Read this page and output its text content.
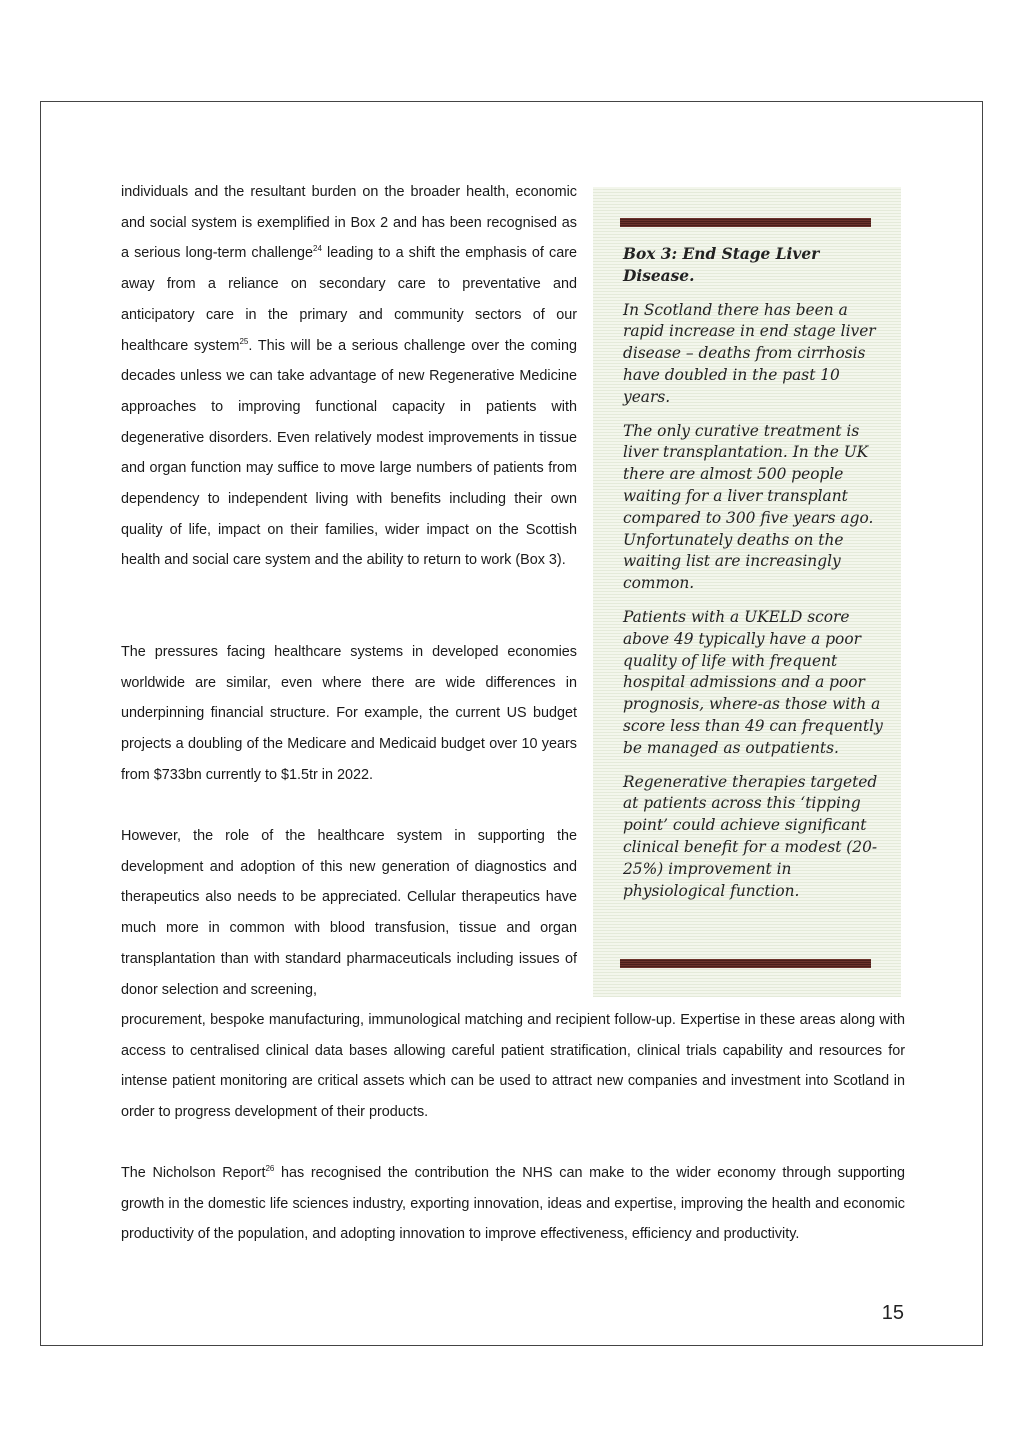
individuals and the resultant burden on the broader health, economic and social system is exemplified in Box 2 and has been recognised as a serious long-term challenge$^{24}$ leading to a shift the emphasis of care away from a reliance on secondary care to preventative and anticipatory care in the primary and community sectors of our healthcare system$^{25}$. This will be a serious challenge over the coming decades unless we can take advantage of new Regenerative Medicine approaches to improving functional capacity in patients with degenerative disorders. Even relatively modest improvements in tissue and organ function may suffice to move large numbers of patients from dependency to independent living with benefits including their own quality of life, impact on their families, wider impact on the Scottish health and social care system and the ability to return to work (Box 3).

The pressures facing healthcare systems in developed economies worldwide are similar, even where there are wide differences in underpinning financial structure. For example, the current US budget projects a doubling of the Medicare and Medicaid budget over 10 years from $733bn currently to $1.5tr in 2022.

However, the role of the healthcare system in supporting the development and adoption of this new generation of diagnostics and therapeutics also needs to be appreciated. Cellular therapeutics have much more in common with blood transfusion, tissue and organ transplantation than with standard pharmaceuticals including issues of donor selection and screening,

procurement, bespoke manufacturing, immunological matching and recipient follow-up. Expertise in these areas along with access to centralised clinical data bases allowing careful patient stratification, clinical trials capability and resources for intense patient monitoring are critical assets which can be used to attract new companies and investment into Scotland in order to progress development of their products.

The Nicholson Report$^{26}$ has recognised the contribution the NHS can make to the wider economy through supporting growth in the domestic life sciences industry, exporting innovation, ideas and expertise, improving the health and economic productivity of the population, and adopting innovation to improve effectiveness, efficiency and productivity.

Box 3: End Stage Liver Disease.

In Scotland there has been a rapid increase in end stage liver disease – deaths from cirrhosis have doubled in the past 10 years.

The only curative treatment is liver transplantation. In the UK there are almost 500 people waiting for a liver transplant compared to 300 five years ago. Unfortunately deaths on the waiting list are increasingly common.

Patients with a UKELD score above 49 typically have a poor quality of life with frequent hospital admissions and a poor prognosis, where-as those with a score less than 49 can frequently be managed as outpatients.

Regenerative therapies targeted at patients across this ‘tipping point’ could achieve significant clinical benefit for a modest (20-25%) improvement in physiological function.

15
